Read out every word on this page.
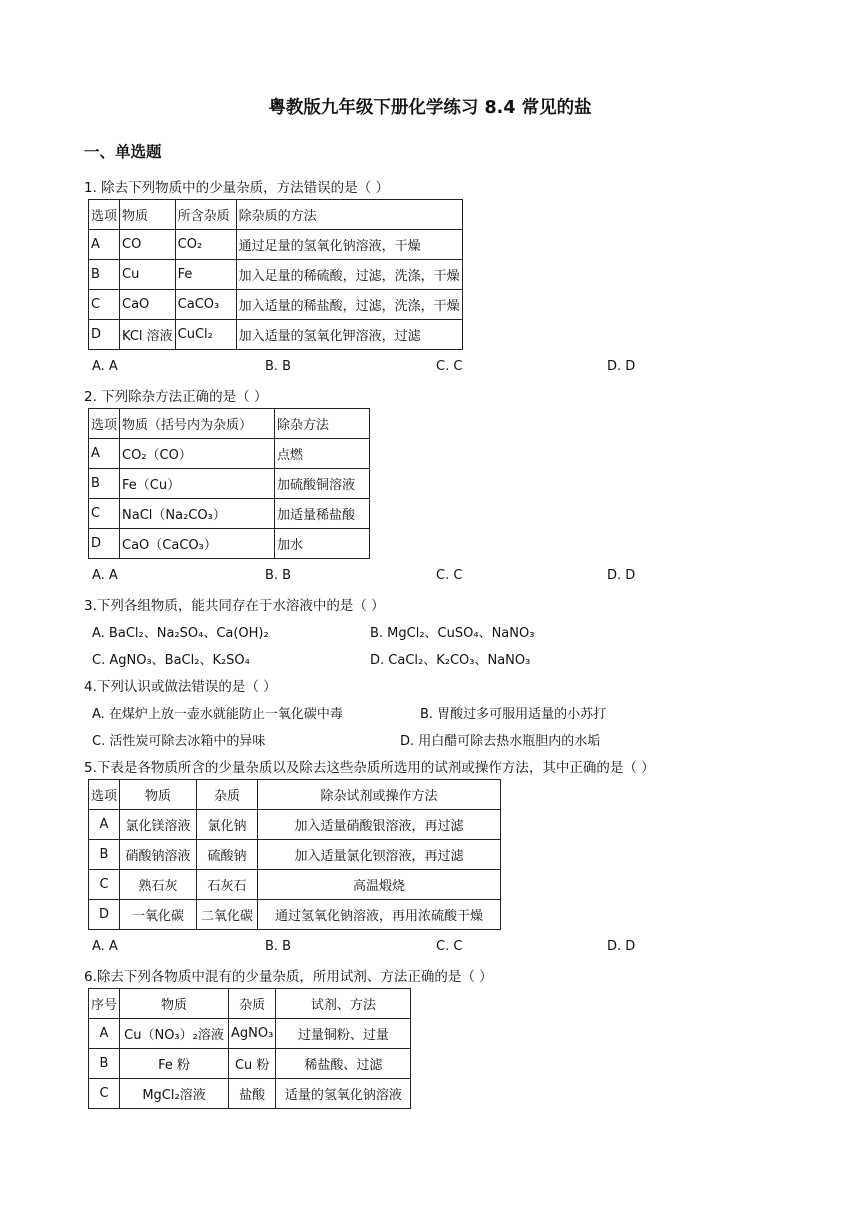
粤教版九年级下册化学练习 8.4 常见的盐
一、单选题
1. 除去下列物质中的少量杂质，方法错误的是（ ）
选项	物质	所含杂质	除杂质的方法
A	CO	CO₂	通过足量的氢氧化钠溶液，干燥
B	Cu	Fe	加入足量的稀硫酸，过滤，洗涤，干燥
C	CaO	CaCO₃	加入适量的稀盐酸，过滤，洗涤，干燥
D	KCl 溶液	CuCl₂	加入适量的氢氧化钾溶液，过滤
A. A	B. B	C. C	D. D
2. 下列除杂方法正确的是（ ）
选项	物质（括号内为杂质）	除杂方法
A	CO₂（CO）	点燃
B	Fe（Cu）	加硫酸铜溶液
C	NaCl（Na₂CO₃）	加适量稀盐酸
D	CaO（CaCO₃）	加水
A. A	B. B	C. C	D. D
3.下列各组物质，能共同存在于水溶液中的是（ ）
A. BaCl₂、Na₂SO₄、Ca(OH)₂	B. MgCl₂、CuSO₄、NaNO₃
C. AgNO₃、BaCl₂、K₂SO₄	D. CaCl₂、K₂CO₃、NaNO₃
4.下列认识或做法错误的是（ ）
A. 在煤炉上放一壶水就能防止一氧化碳中毒	B. 胃酸过多可服用适量的小苏打
C. 活性炭可除去冰箱中的异味	D. 用白醋可除去热水瓶胆内的水垢
5.下表是各物质所含的少量杂质以及除去这些杂质所选用的试剂或操作方法，其中正确的是（ ）
选项	物质	杂质	除杂试剂或操作方法
A	氯化镁溶液	氯化钠	加入适量硝酸银溶液，再过滤
B	硝酸钠溶液	硫酸钠	加入适量氯化钡溶液，再过滤
C	熟石灰	石灰石	高温煅烧
D	一氧化碳	二氧化碳	通过氢氧化钠溶液，再用浓硫酸干燥
A. A	B. B	C. C	D. D
6.除去下列各物质中混有的少量杂质，所用试剂、方法正确的是（ ）
序号	物质	杂质	试剂、方法
A	Cu（NO₃）₂溶液	AgNO₃	过量铜粉、过量
B	Fe 粉	Cu 粉	稀盐酸、过滤
C	MgCl₂溶液	盐酸	适量的氢氧化钠溶液
